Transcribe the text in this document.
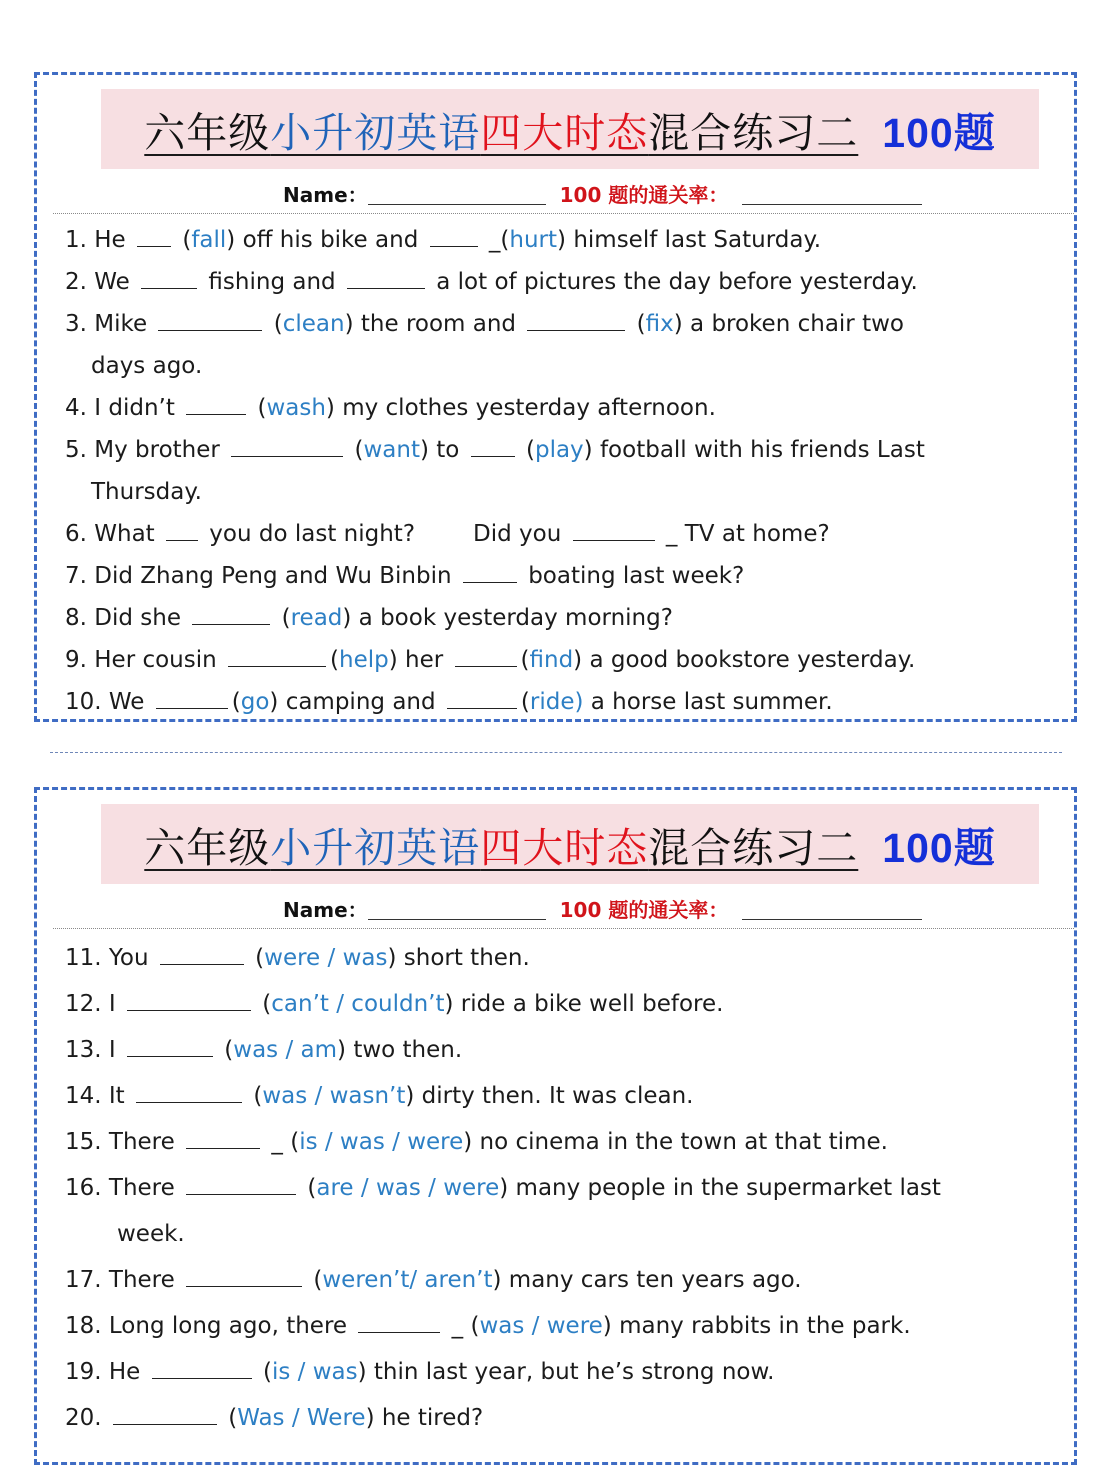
六年级小升初英语四大时态混合练习二 100题
Name：	100 题的通关率：
1. He  (fall) off his bike and  _(hurt) himself last Saturday.
2. We	fishing and	a lot of pictures the day before yesterday.
3. Mike	(clean) the room and	(fix) a broken chair two
days ago.
4. I didn’t	(wash) my clothes yesterday afternoon.
5. My brother	(want) to  (play) football with his friends Last
Thursday.
6. What  you do last night?	Did you	_ TV at home?
7. Did Zhang Peng and Wu Binbin	boating last week?
8. Did she	(read) a book yesterday morning?
9. Her cousin	(help) her	(find) a good bookstore yesterday.
10. We	(go) camping and	(ride) a horse last summer.
六年级小升初英语四大时态混合练习二 100题
Name：	100 题的通关率：
11. You	(were / was) short then.
12. I	(can’t / couldn’t) ride a bike well before.
13. I	(was / am) two then.
14. It	(was / wasn’t) dirty then. It was clean.
15. There	_ (is / was / were) no cinema in the town at that time.
16. There	(are / was / were) many people in the supermarket last
week.
17. There	(weren’t/ aren’t) many cars ten years ago.
18. Long long ago, there	_ (was / were) many rabbits in the park.
19. He	(is / was) thin last year, but he’s strong now.
20.	(Was / Were) he tired?
